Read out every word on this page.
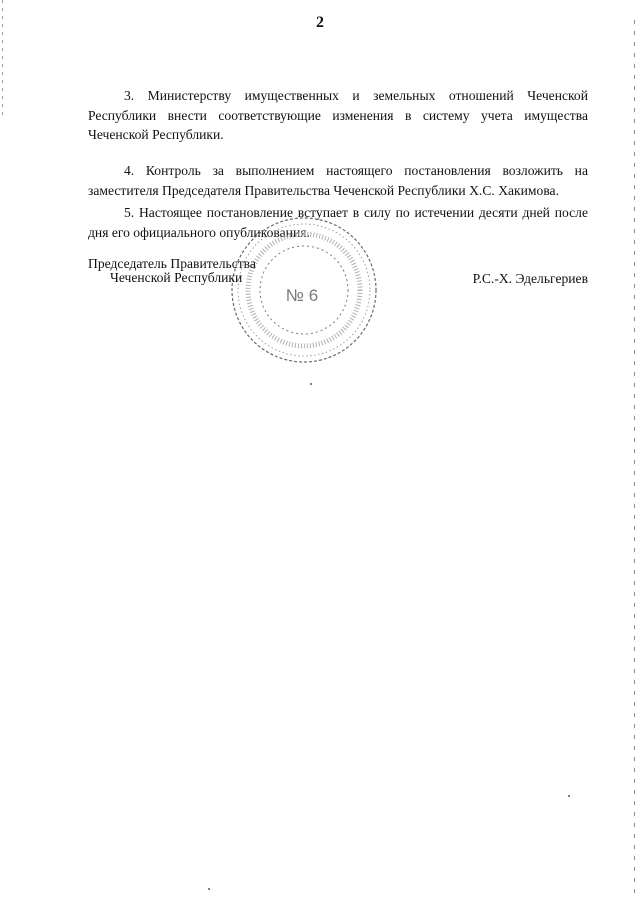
2

3. Министерству имущественных и земельных отношений Чеченской Республики внести соответствующие изменения в систему учета имущества Чеченской Республики.

4. Контроль за выполнением настоящего постановления возложить на заместителя Председателя Правительства Чеченской Республики Х.С. Хакимова.

5. Настоящее постановление вступает в силу по истечении десяти дней после дня его официального опубликования.

№ 6
Председатель Правительства
Чеченской Республики	Р.С.-Х. Эдельгериев
